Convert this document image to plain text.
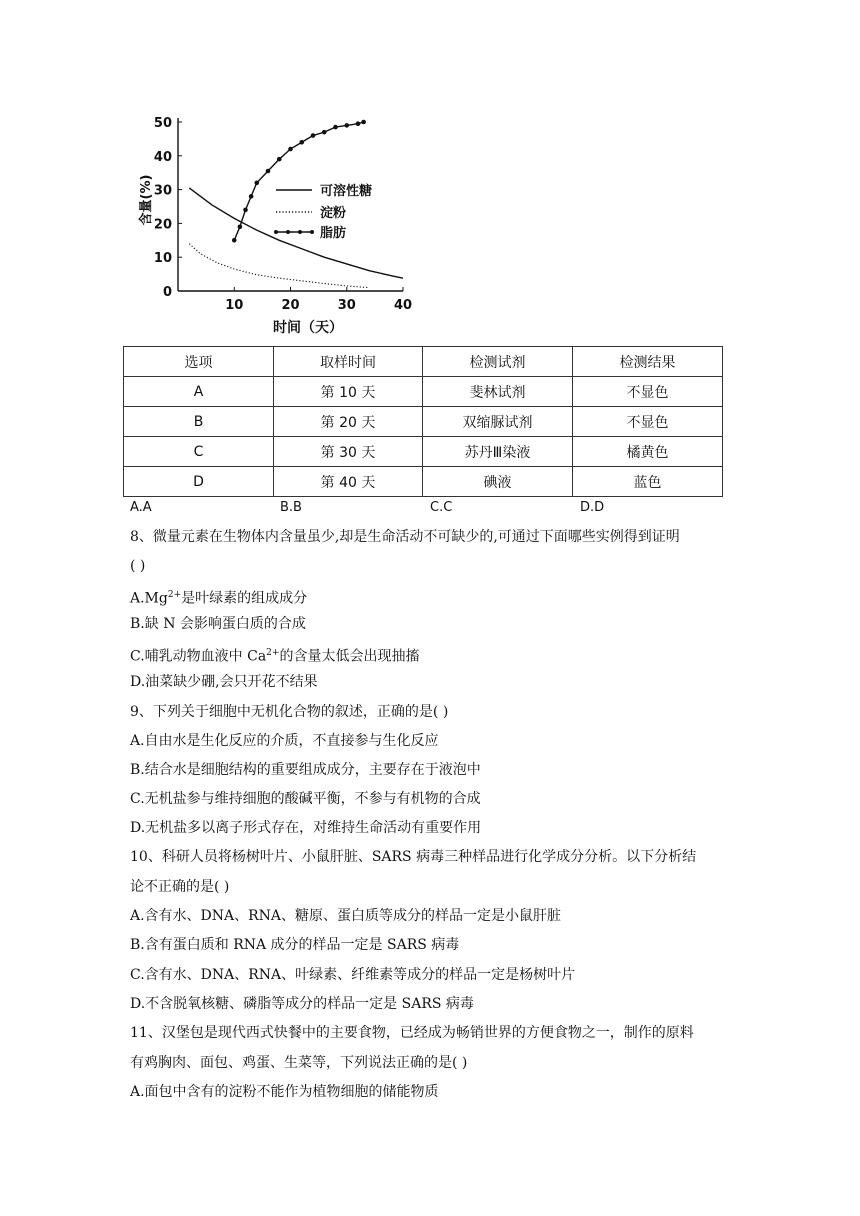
0
10
20
30
40
50
10	20	30	40
可溶性糖
淀粉
脂肪
时间（天）
含量(%)
选项	取样时间	检测试剂	检测结果
A	第 10 天	斐林试剂	不显色
B	第 20 天	双缩脲试剂	不显色
C	第 30 天	苏丹Ⅲ染液	橘黄色
D	第 40 天	碘液	蓝色
A.A	B.B	C.C	D.D
8、微量元素在生物体内含量虽少,却是生命活动不可缺少的,可通过下面哪些实例得到证明
( )
$A.Mg^{2+}$是叶绿素的组成成分
B.缺 N 会影响蛋白质的合成
C.哺乳动物血液中 $Ca^{2+}$的含量太低会出现抽搐
D.油菜缺少硼,会只开花不结果
9、下列关于细胞中无机化合物的叙述，正确的是( )
A.自由水是生化反应的介质，不直接参与生化反应
B.结合水是细胞结构的重要组成成分，主要存在于液泡中
C.无机盐参与维持细胞的酸碱平衡，不参与有机物的合成
D.无机盐多以离子形式存在，对维持生命活动有重要作用
10、科研人员将杨树叶片、小鼠肝脏、SARS 病毒三种样品进行化学成分分析。以下分析结
论不正确的是( )
A.含有水、DNA、RNA、糖原、蛋白质等成分的样品一定是小鼠肝脏
B.含有蛋白质和 RNA 成分的样品一定是 SARS 病毒
C.含有水、DNA、RNA、叶绿素、纤维素等成分的样品一定是杨树叶片
D.不含脱氧核糖、磷脂等成分的样品一定是 SARS 病毒
11、汉堡包是现代西式快餐中的主要食物，已经成为畅销世界的方便食物之一，制作的原料
有鸡胸肉、面包、鸡蛋、生菜等，下列说法正确的是( )
A.面包中含有的淀粉不能作为植物细胞的储能物质
